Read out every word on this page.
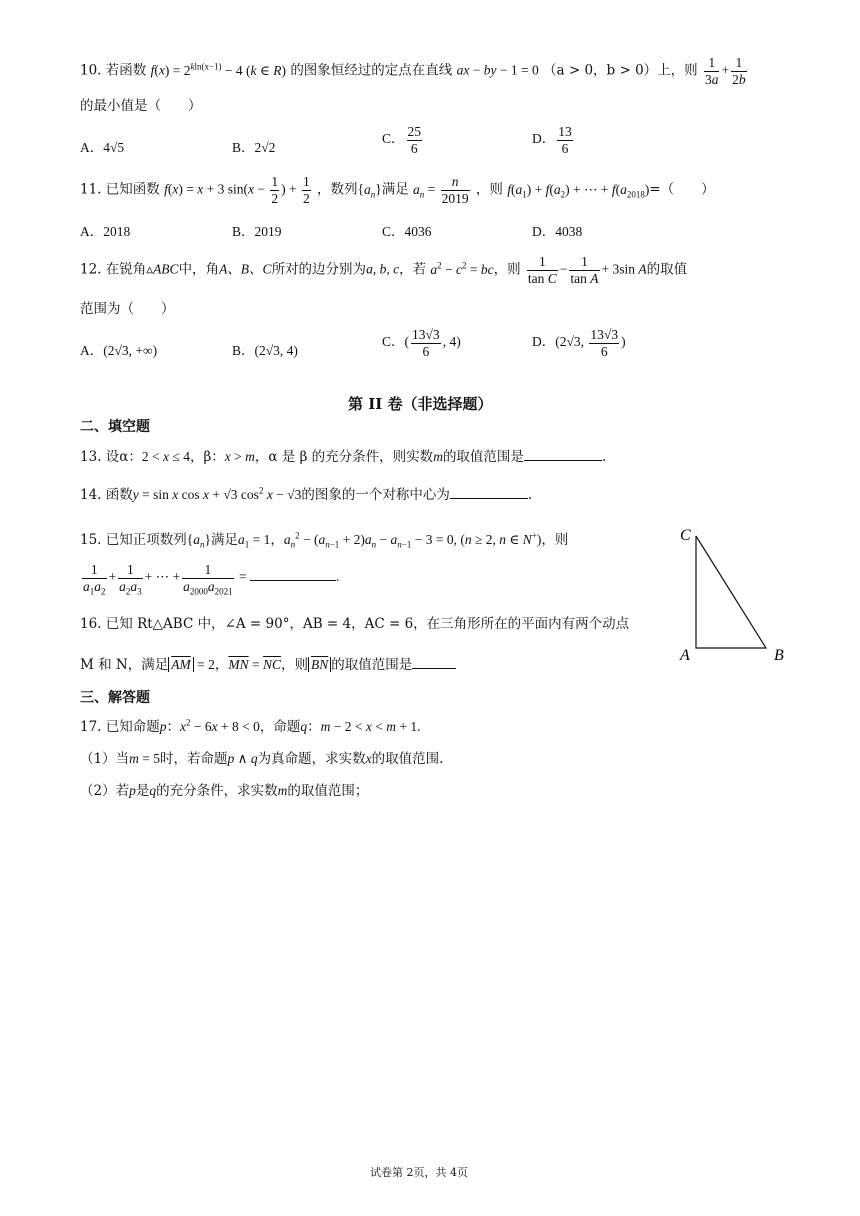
10. 若函数 $f(x) = 2^{kln(x-1)} - 4$ (k ∈ R) 的图象恒经过的定点在直线 ax − by − 1 = 0 （a > 0，b > 0）上，则 $\frac{1}{3a} + \frac{1}{2b}$
的最小值是（　　）
A．4√5	B．2√2
C． $\frac{25}{6}$	D． $\frac{13}{6}$
11. 已知函数 f(x) = x + 3 $\sin(x - \frac{1}{2}$ ) + $\frac{1}{2}$ ，数列$\{a_n\}$满足 $a_n = \frac{n}{2019}$ ，则 $f(a_1) + f(a_2)$ + ⋯ + $f(a_{2018})=$（　　）
A．2018	B．2019	C．4036	D．4038
12. 在锐角▵ABC中，角A、B、C所对的边分别为a, b, c，若 $a^2 - c^2$ = bc，则 $\frac{1}{\text{tan C}} - \frac{1}{\text{tan A}} + 3\sin$ A的取值
范围为（　　）
A．(2√3, +∞)	B．(2√3, 4)
C．( $\frac{13√3}{6}$ , 4)	D．(2√3, $\frac{13√3}{6}$ )
第 II 卷（非选择题）
二、填空题
13. 设α：2 < x ≤ 4，β：x > m，α 是 β 的充分条件，则实数m的取值范围是	.
14. 函数y = sin x cos x + √3 $\cos^2 x - √3$的图象的一个对称中心为	.
15. 已知正项数列$\{a_n\}$满足$a_1 = 1$，$a_n^2 - (a_{n-1} + 2)a_n - a_{n-1} - 3 = 0$, (n ≥ 2, n ∈ N+)，则
$\frac{1}{a_1a_2} + \frac{1}{a_2a_3}$ + ⋯ + $\frac{1}{a_{2000}a_{2021}}$ =	.
C
A	B
16. 已知 Rt△ABC 中，∠A = 90°，AB = 4，AC = 6，在三角形所在的平面内有两个动点
M 和 N，满足 $\overline{AM} = 2$，$\overline{MN} = \overline{NC}$，则 $\overline{BN}$ 的取值范围是
三、解答题
17. 已知命题p：$x^2 - 6x + 8 < 0$，命题q：m − 2 < x < m + 1.
（1）当m = 5时，若命题p ∧ q为真命题，求实数x的取值范围.
（2）若p是q的充分条件，求实数m的取值范围；
试卷第 2页，共 4页
